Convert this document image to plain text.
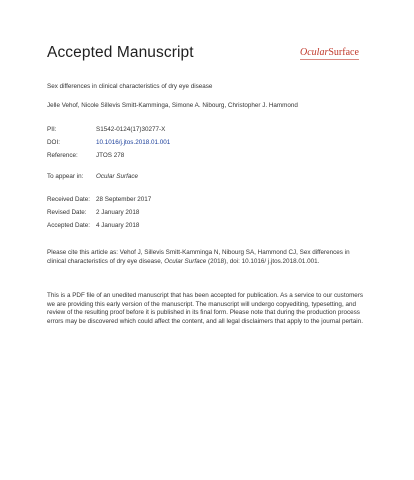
Accepted Manuscript	OcularSurface
Sex differences in clinical characteristics of dry eye disease
Jelle Vehof, Nicole Sillevis Smitt-Kamminga, Simone A. Nibourg, Christopher J. Hammond
PII:	S1542-0124(17)30277-X
DOI:	10.1016/j.jtos.2018.01.001
Reference:	JTOS 278
To appear in:	Ocular Surface
Received Date: 28 September 2017
Revised Date:	2 January 2018
Accepted Date: 4 January 2018
Please cite this article as: Vehof J, Sillevis Smitt-Kamminga N, Nibourg SA, Hammond CJ, Sex differences in clinical characteristics of dry eye disease, Ocular Surface (2018), doi: 10.1016/ j.jtos.2018.01.001.
This is a PDF file of an unedited manuscript that has been accepted for publication. As a service to our customers we are providing this early version of the manuscript. The manuscript will undergo copyediting, typesetting, and review of the resulting proof before it is published in its final form. Please note that during the production process errors may be discovered which could affect the content, and all legal disclaimers that apply to the journal pertain.
